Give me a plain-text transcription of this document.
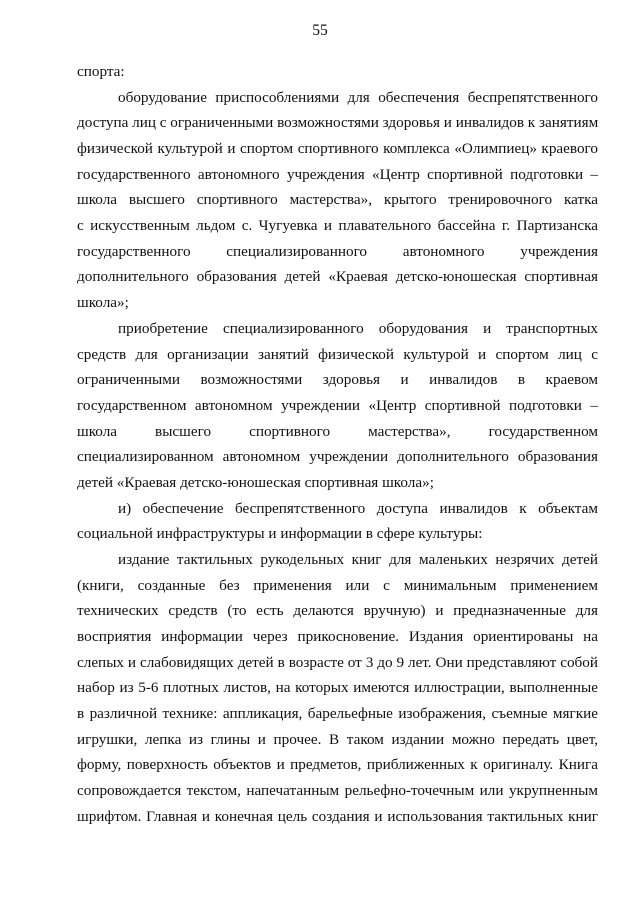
55
спорта:
оборудование приспособлениями для обеспечения беспрепятственного
доступа лиц с ограниченными возможностями здоровья и инвалидов к занятиям
физической культурой и спортом спортивного комплекса «Олимпиец» краевого
государственного автономного учреждения «Центр спортивной подготовки –
школа высшего спортивного мастерства», крытого тренировочного катка
с искусственным льдом с. Чугуевка и плавательного бассейна г. Партизанска
государственного специализированного автономного учреждения
дополнительного образования детей «Краевая детско-юношеская спортивная
школа»;
приобретение специализированного оборудования и транспортных
средств для организации занятий физической культурой и спортом лиц с
ограниченными возможностями здоровья и инвалидов в краевом
государственном автономном учреждении «Центр спортивной подготовки –
школа высшего спортивного мастерства», государственном
специализированном автономном учреждении дополнительного образования
детей «Краевая детско-юношеская спортивная школа»;
и) обеспечение беспрепятственного доступа инвалидов к объектам
социальной инфраструктуры и информации в сфере культуры:
издание тактильных рукодельных книг для маленьких незрячих детей
(книги, созданные без применения или с минимальным применением
технических средств (то есть делаются вручную) и предназначенные для
восприятия информации через прикосновение. Издания ориентированы на
слепых и слабовидящих детей в возрасте от 3 до 9 лет. Они представляют собой
набор из 5-6 плотных листов, на которых имеются иллюстрации, выполненные
в различной технике: аппликация, барельефные изображения, съемные мягкие
игрушки, лепка из глины и прочее. В таком издании можно передать цвет,
форму, поверхность объектов и предметов, приближенных к оригиналу. Книга
сопровождается текстом, напечатанным рельефно-точечным или укрупненным
шрифтом. Главная и конечная цель создания и использования тактильных книг
